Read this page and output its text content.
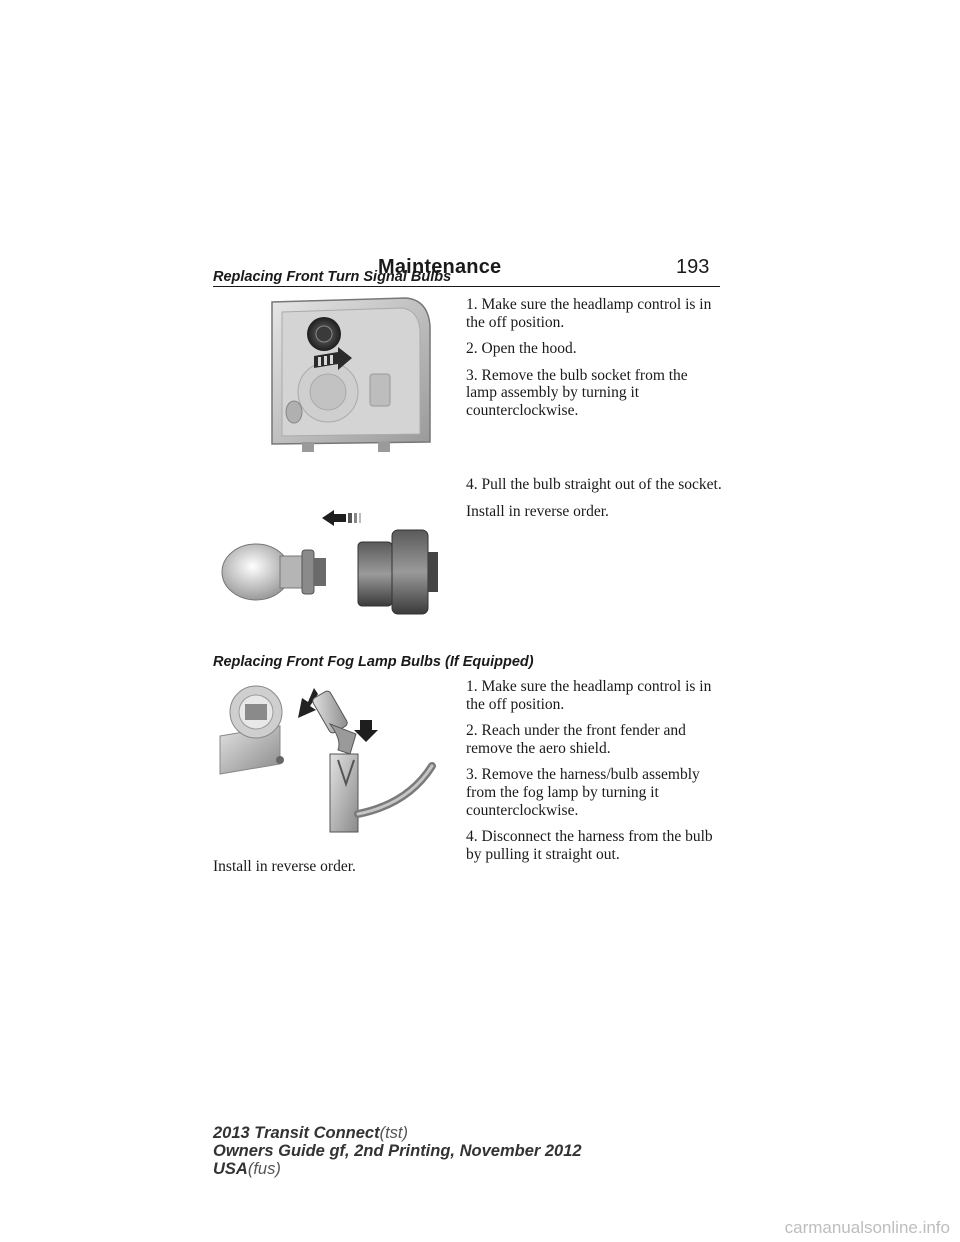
Maintenance	193
Replacing Front Turn Signal Bulbs

1. Make sure the headlamp control is in the off position.

2. Open the hood.

3. Remove the bulb socket from the lamp assembly by turning it counterclockwise.

4. Pull the bulb straight out of the socket.

Install in reverse order.

Replacing Front Fog Lamp Bulbs (If Equipped)

1. Make sure the headlamp control is in the off position.

2. Reach under the front fender and remove the aero shield.

3. Remove the harness/bulb assembly from the fog lamp by turning it counterclockwise.

4. Disconnect the harness from the bulb by pulling it straight out.

Install in reverse order.
2013 Transit Connect(tst)
Owners Guide gf, 2nd Printing, November 2012
USA(fus)
carmanualsonline.info
